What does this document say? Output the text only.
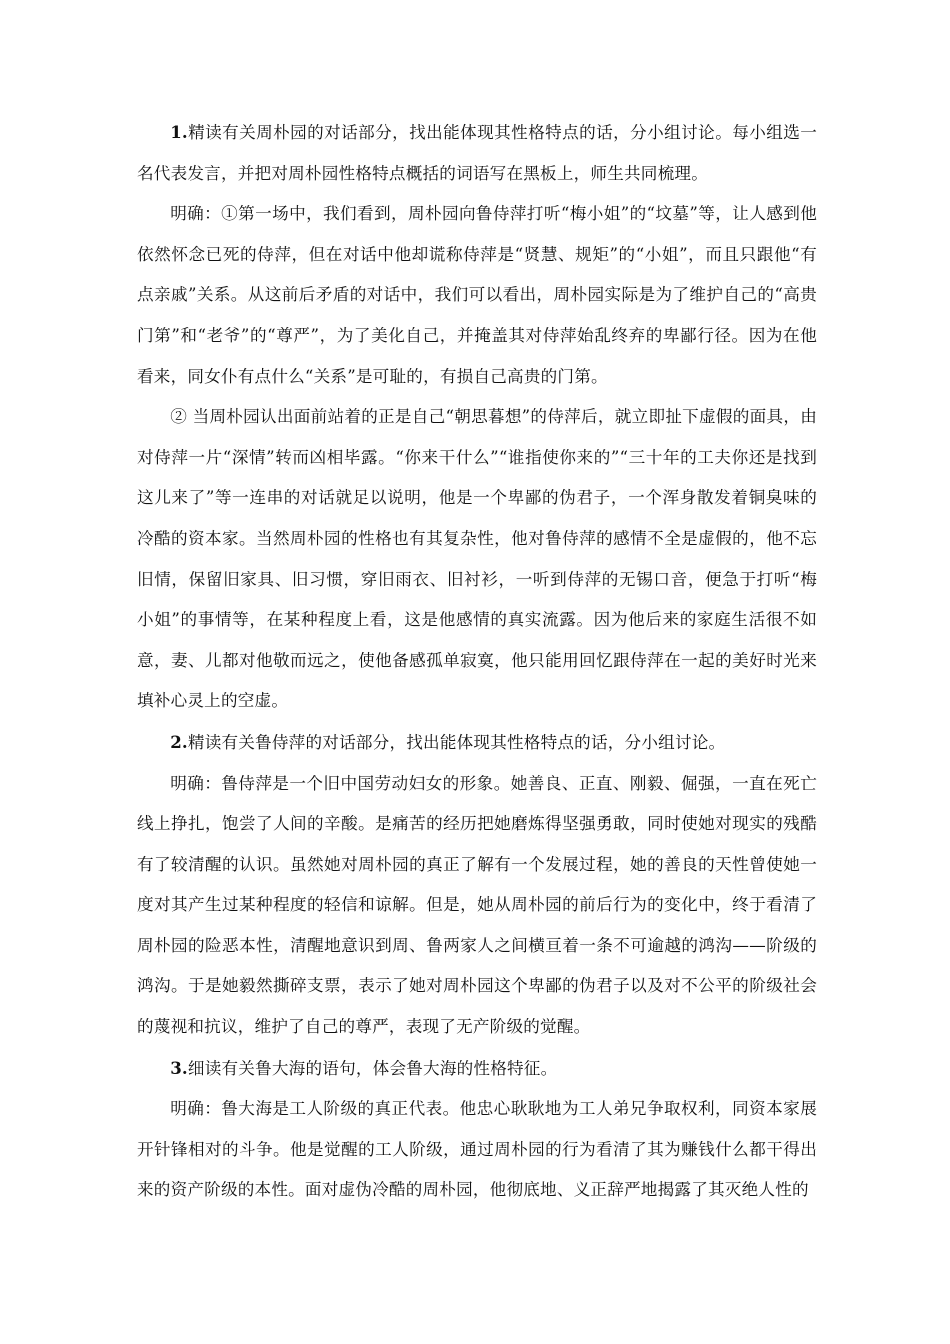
1.精读有关周朴园的对话部分，找出能体现其性格特点的话，分小组讨论。每小组选一名代表发言，并把对周朴园性格特点概括的词语写在黑板上，师生共同梳理。

明确：①第一场中，我们看到，周朴园向鲁侍萍打听“梅小姐”的“坟墓”等，让人感到他依然怀念已死的侍萍，但在对话中他却谎称侍萍是“贤慧、规矩”的“小姐”，而且只跟他“有点亲戚”关系。从这前后矛盾的对话中，我们可以看出，周朴园实际是为了维护自己的“高贵门第”和“老爷”的“尊严”，为了美化自己，并掩盖其对侍萍始乱终弃的卑鄙行径。因为在他看来，同女仆有点什么“关系”是可耻的，有损自己高贵的门第。

② 当周朴园认出面前站着的正是自己“朝思暮想”的侍萍后，就立即扯下虚假的面具，由对侍萍一片“深情”转而凶相毕露。“你来干什么”“谁指使你来的”“三十年的工夫你还是找到这儿来了”等一连串的对话就足以说明，他是一个卑鄙的伪君子，一个浑身散发着铜臭味的冷酷的资本家。当然周朴园的性格也有其复杂性，他对鲁侍萍的感情不全是虚假的，他不忘旧情，保留旧家具、旧习惯，穿旧雨衣、旧衬衫，一听到侍萍的无锡口音，便急于打听“梅小姐”的事情等，在某种程度上看，这是他感情的真实流露。因为他后来的家庭生活很不如意，妻、儿都对他敬而远之，使他备感孤单寂寞，他只能用回忆跟侍萍在一起的美好时光来填补心灵上的空虚。

2.精读有关鲁侍萍的对话部分，找出能体现其性格特点的话，分小组讨论。

明确：鲁侍萍是一个旧中国劳动妇女的形象。她善良、正直、刚毅、倔强，一直在死亡线上挣扎，饱尝了人间的辛酸。是痛苦的经历把她磨炼得坚强勇敢，同时使她对现实的残酷有了较清醒的认识。虽然她对周朴园的真正了解有一个发展过程，她的善良的天性曾使她一度对其产生过某种程度的轻信和谅解。但是，她从周朴园的前后行为的变化中，终于看清了周朴园的险恶本性，清醒地意识到周、鲁两家人之间横亘着一条不可逾越的鸿沟——阶级的鸿沟。于是她毅然撕碎支票，表示了她对周朴园这个卑鄙的伪君子以及对不公平的阶级社会的蔑视和抗议，维护了自己的尊严，表现了无产阶级的觉醒。

3.细读有关鲁大海的语句，体会鲁大海的性格特征。

明确：鲁大海是工人阶级的真正代表。他忠心耿耿地为工人弟兄争取权利，同资本家展开针锋相对的斗争。他是觉醒的工人阶级，通过周朴园的行为看清了其为赚钱什么都干得出来的资产阶级的本性。面对虚伪冷酷的周朴园，他彻底地、义正辞严地揭露了其灭绝人性的
